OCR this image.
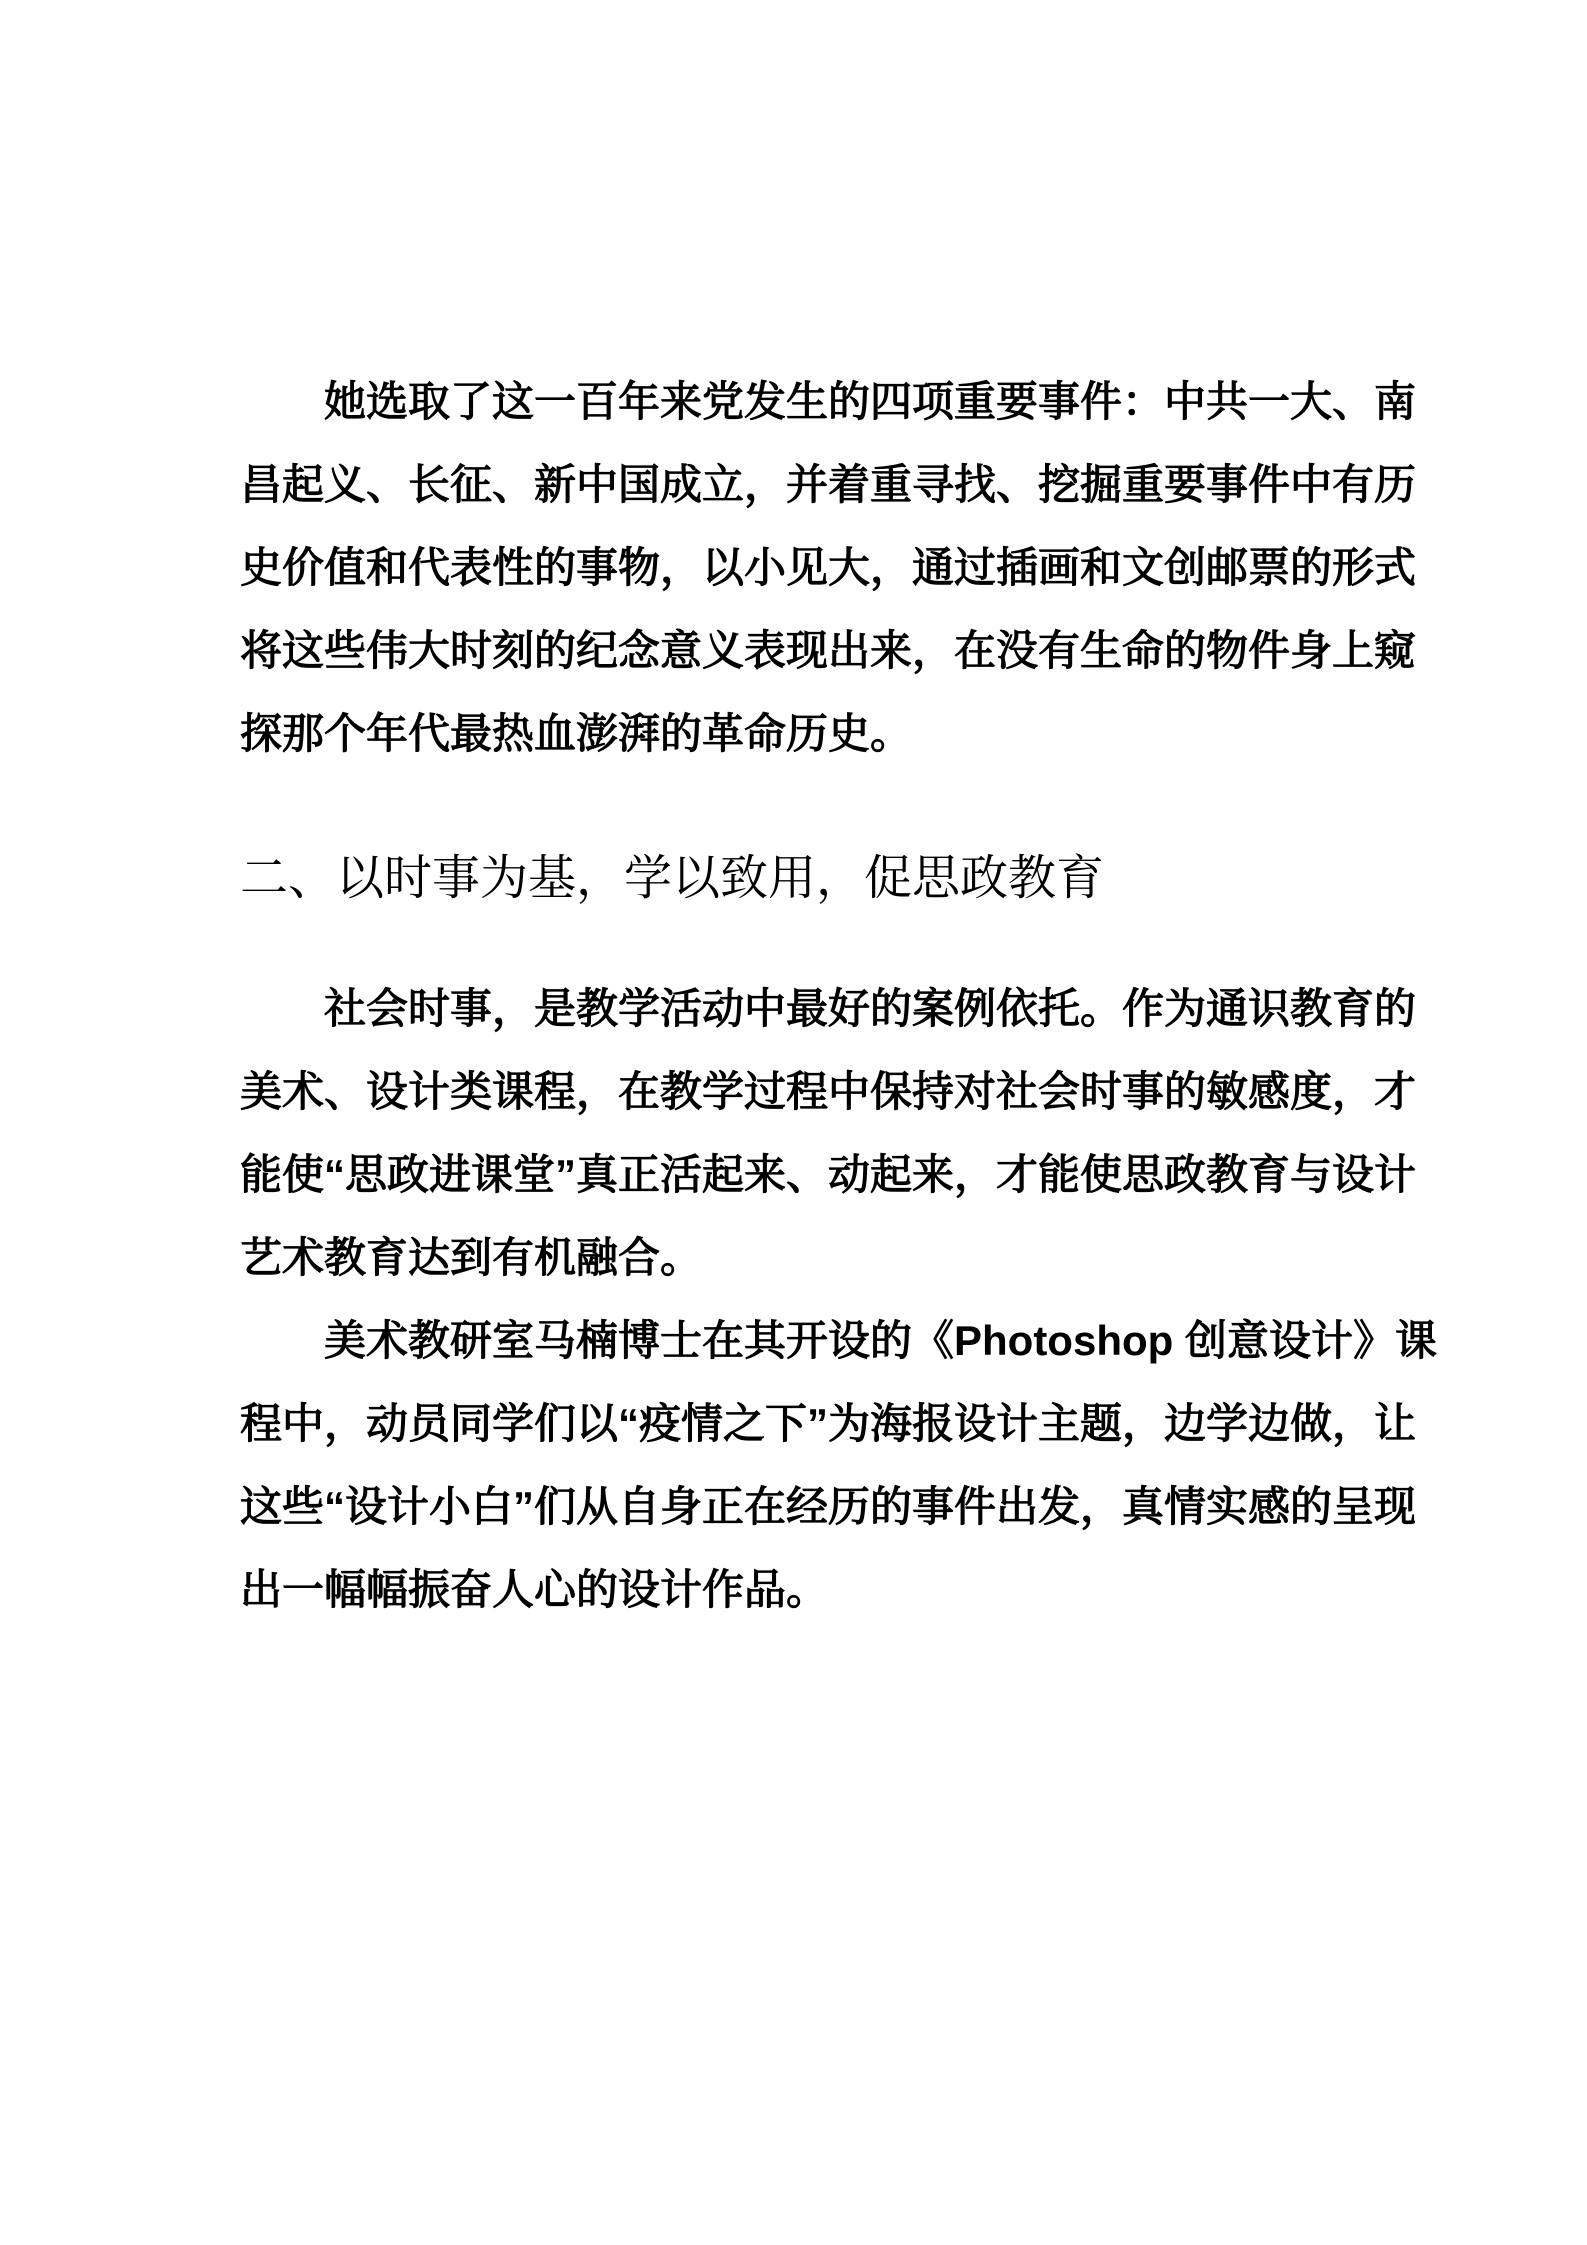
她选取了这一百年来党发生的四项重要事件：中共一大、南
昌起义、长征、新中国成立，并着重寻找、挖掘重要事件中有历
史价值和代表性的事物，以小见大，通过插画和文创邮票的形式
将这些伟大时刻的纪念意义表现出来，在没有生命的物件身上窥
探那个年代最热血澎湃的革命历史。

二、以时事为基，学以致用，促思政教育

社会时事，是教学活动中最好的案例依托。作为通识教育的
美术、设计类课程，在教学过程中保持对社会时事的敏感度，才
能使“思政进课堂”真正活起来、动起来，才能使思政教育与设计
艺术教育达到有机融合。

美术教研室马楠博士在其开设的《Photoshop 创意设计》课
程中，动员同学们以“疫情之下”为海报设计主题，边学边做，让
这些“设计小白”们从自身正在经历的事件出发，真情实感的呈现
出一幅幅振奋人心的设计作品。
